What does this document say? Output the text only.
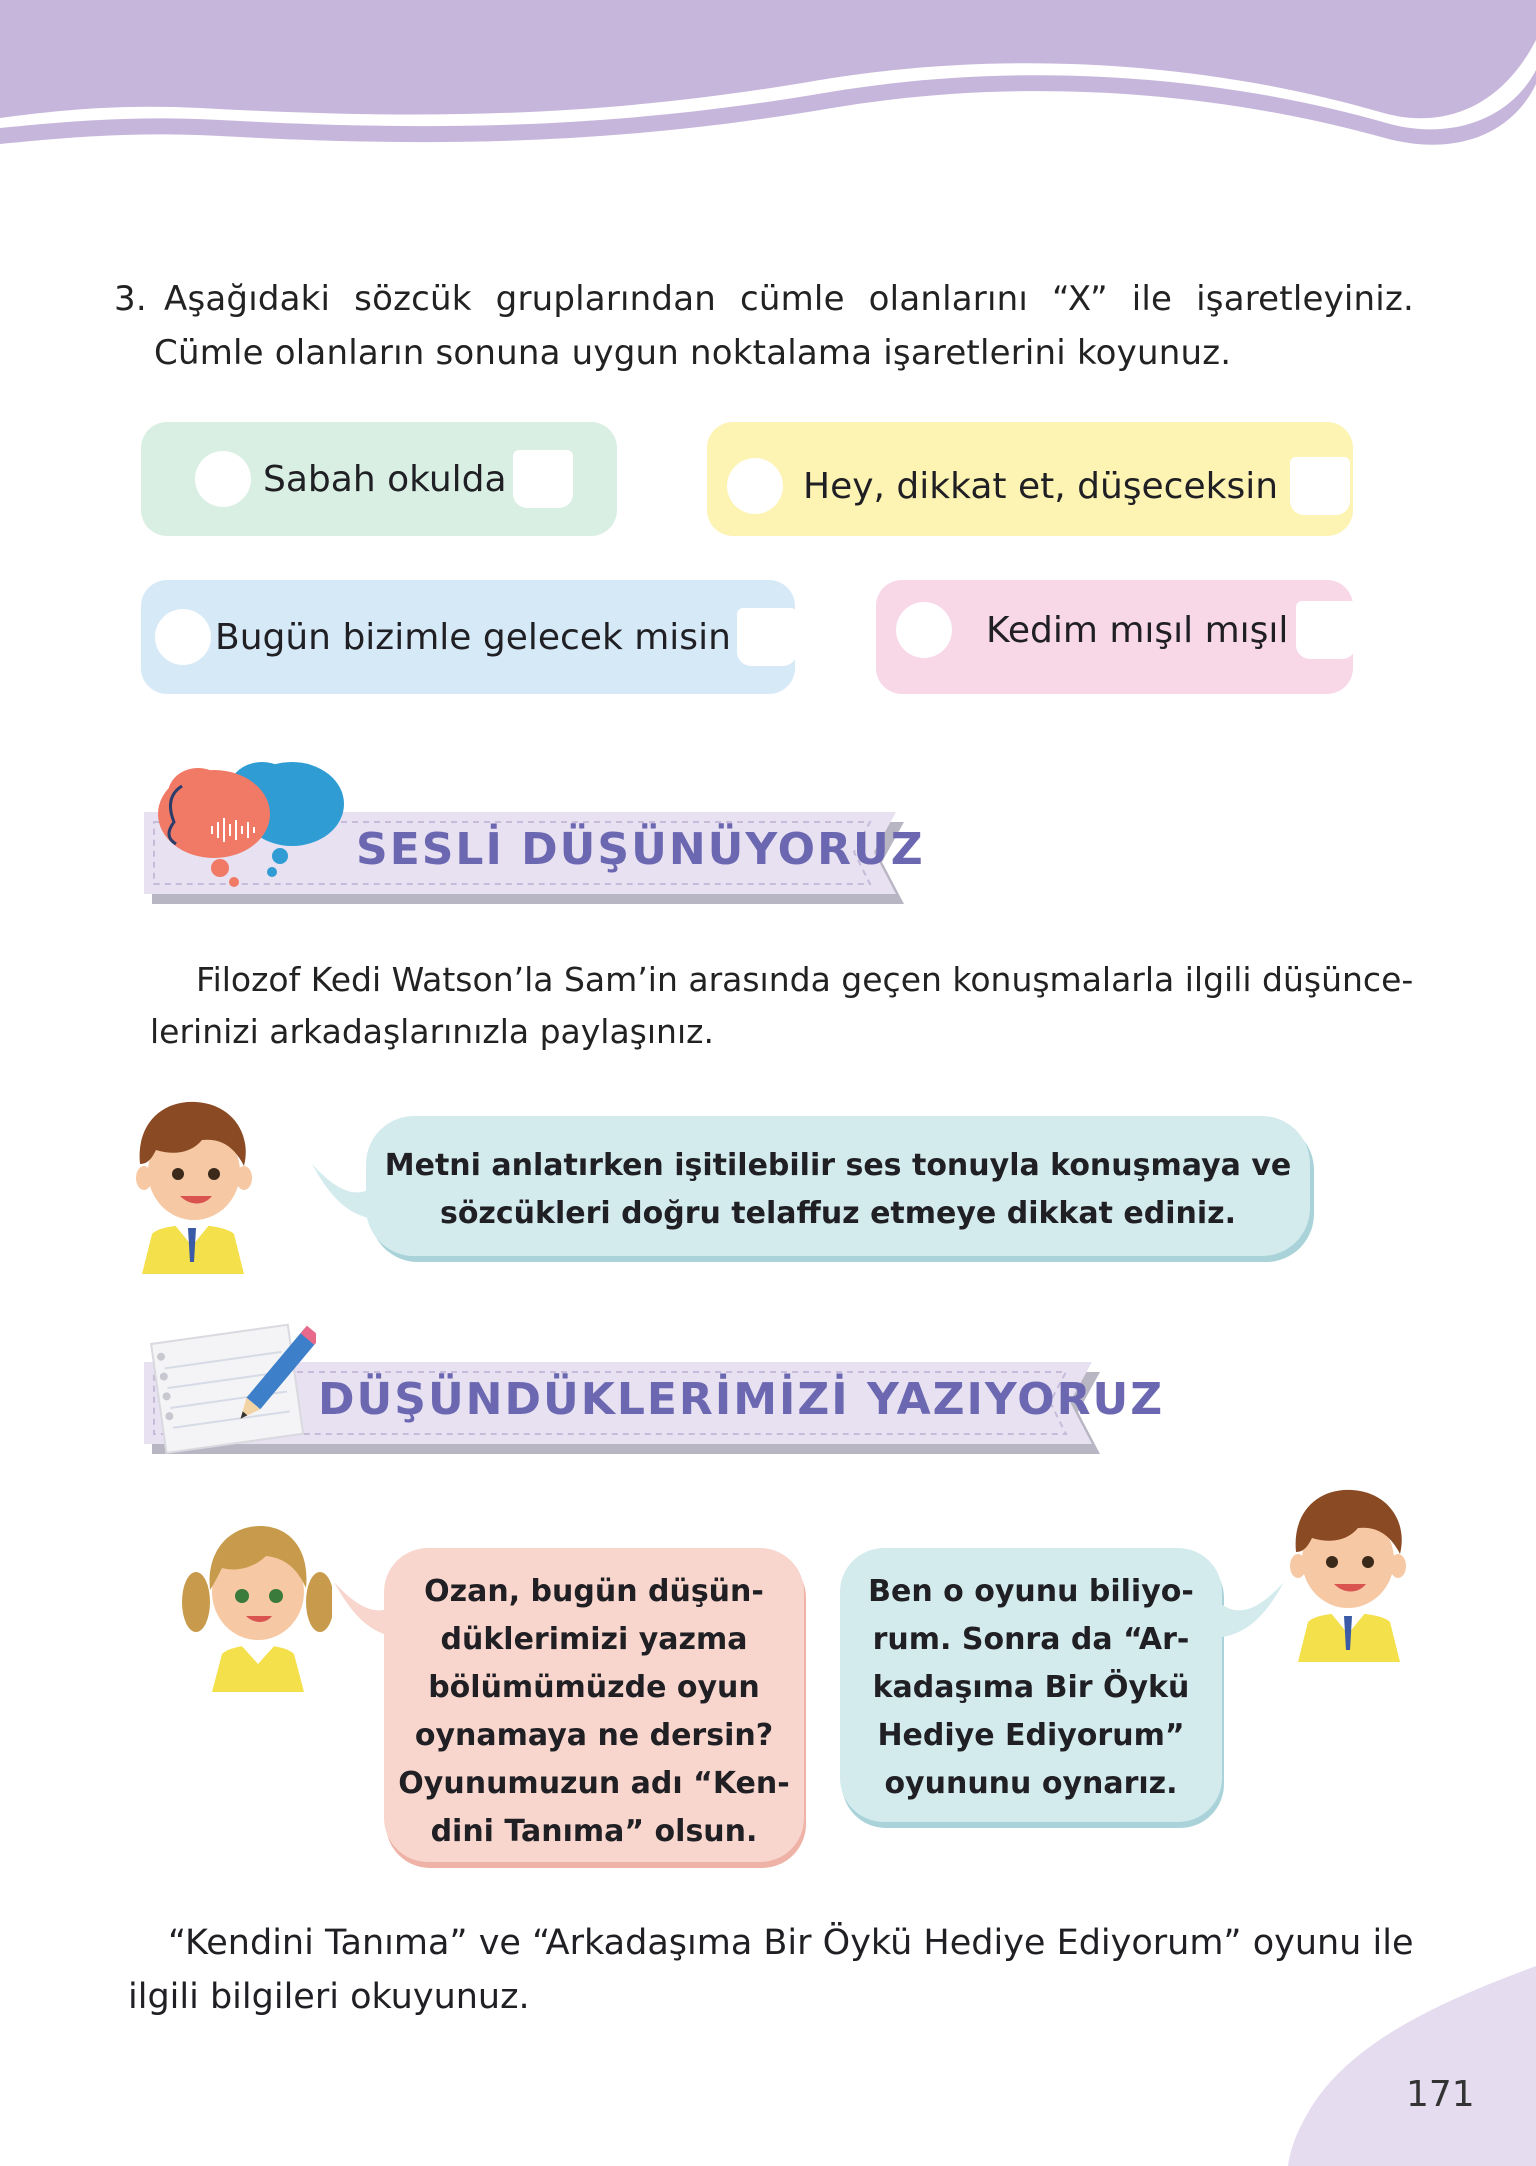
3. Aşağıdaki sözcük gruplarından cümle olanlarını “X” ile işaretleyiniz.
Cümle olanların sonuna uygun noktalama işaretlerini koyunuz.
Sabah okulda	Hey, dikkat et, düşeceksin
Bugün bizimle gelecek misin	Kedim mışıl mışıl
SESLİ DÜŞÜNÜYORUZ
Filozof Kedi Watson’la Sam’in arasında geçen konuşmalarla ilgili düşünce-
lerinizi arkadaşlarınızla paylaşınız.
Metni anlatırken işitilebilir ses tonuyla konuşmaya ve
sözcükleri doğru telaffuz etmeye dikkat ediniz.
DÜŞÜNDÜKLERİMİZİ YAZIYORUZ
Ozan, bugün düşün-
düklerimizi yazma
bölümümüzde oyun
oynamaya ne dersin?
Oyunumuzun adı “Ken-
dini Tanıma” olsun.
Ben o oyunu biliyo-
rum. Sonra da “Ar-
kadaşıma Bir Öykü
Hediye Ediyorum”
oyununu oynarız.
“Kendini Tanıma” ve “Arkadaşıma Bir Öykü Hediye Ediyorum” oyunu ile
ilgili bilgileri okuyunuz.
171
